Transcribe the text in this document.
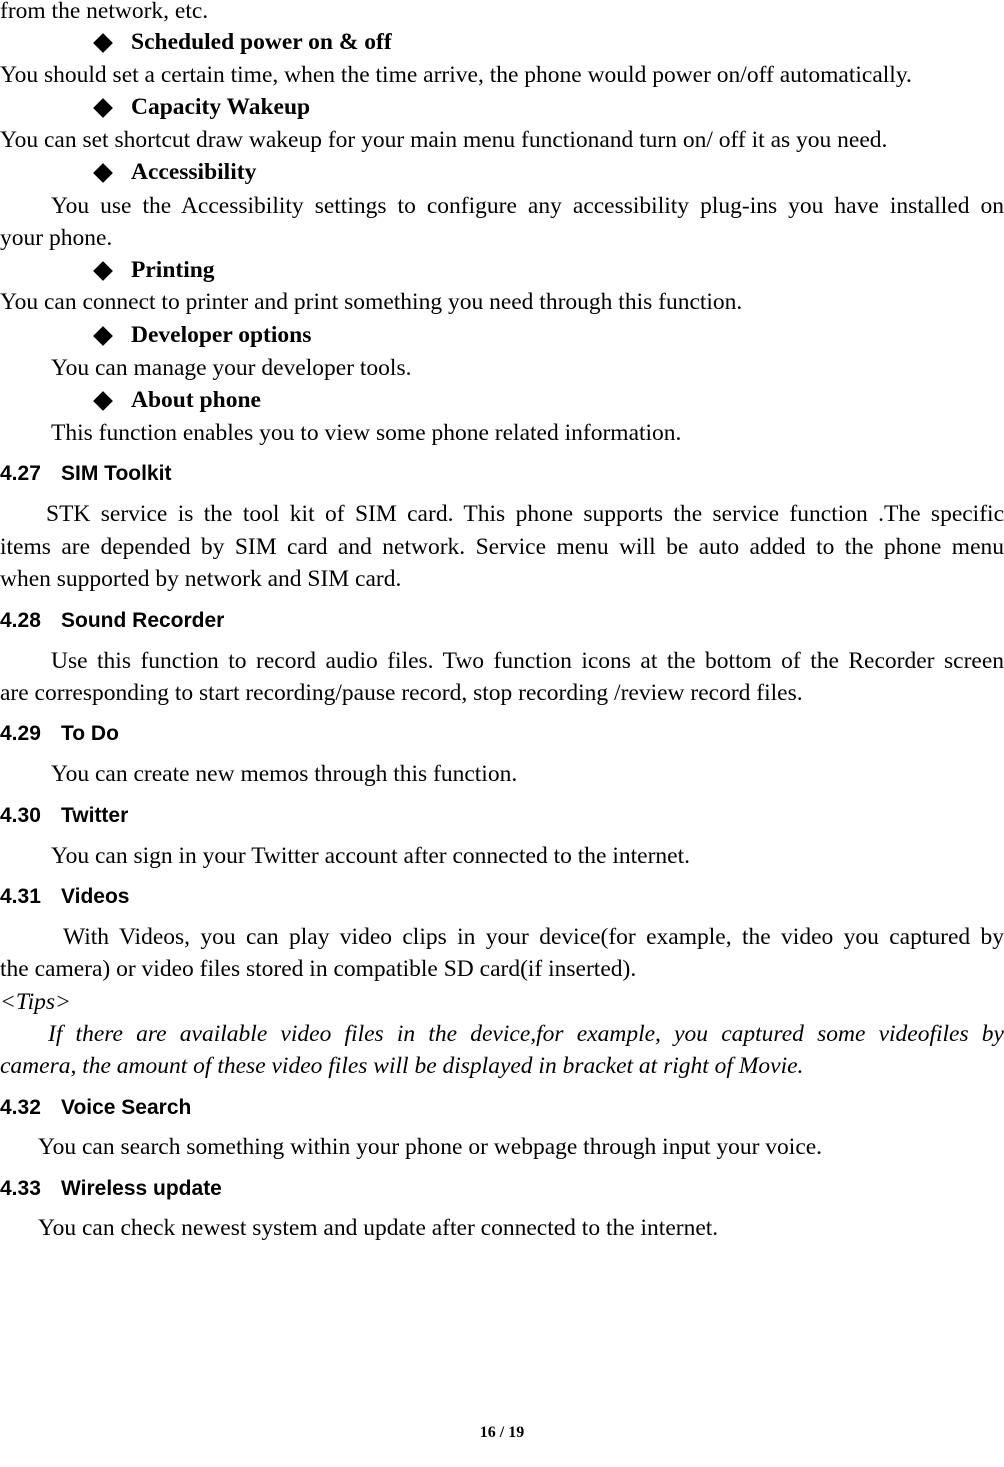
from the network, etc.
Scheduled power on & off
You should set a certain time, when the time arrive, the phone would power on/off automatically.
Capacity Wakeup
You can set shortcut draw wakeup for your main menu functionand turn on/ off it as you need.
Accessibility
You use the Accessibility settings to configure any accessibility plug-ins you have installed on
your phone.
Printing
You can connect to printer and print something you need through this function.
Developer options
You can manage your developer tools.
About phone
This function enables you to view some phone related information.
4.27 SIM Toolkit
STK service is the tool kit of SIM card. This phone supports the service function .The specific
items are depended by SIM card and network. Service menu will be auto added to the phone menu
when supported by network and SIM card.
4.28 Sound Recorder
Use this function to record audio files. Two function icons at the bottom of the Recorder screen
are corresponding to start recording/pause record, stop recording /review record files.
4.29 To Do
You can create new memos through this function.
4.30 Twitter
You can sign in your Twitter account after connected to the internet.
4.31 Videos
With Videos, you can play video clips in your device(for example, the video you captured by
the camera) or video files stored in compatible SD card(if inserted).
<Tips>
If there are available video files in the device,for example, you captured some videofiles by
camera, the amount of these video files will be displayed in bracket at right of Movie.
4.32 Voice Search
You can search something within your phone or webpage through input your voice.
4.33 Wireless update
You can check newest system and update after connected to the internet.
16 / 19
